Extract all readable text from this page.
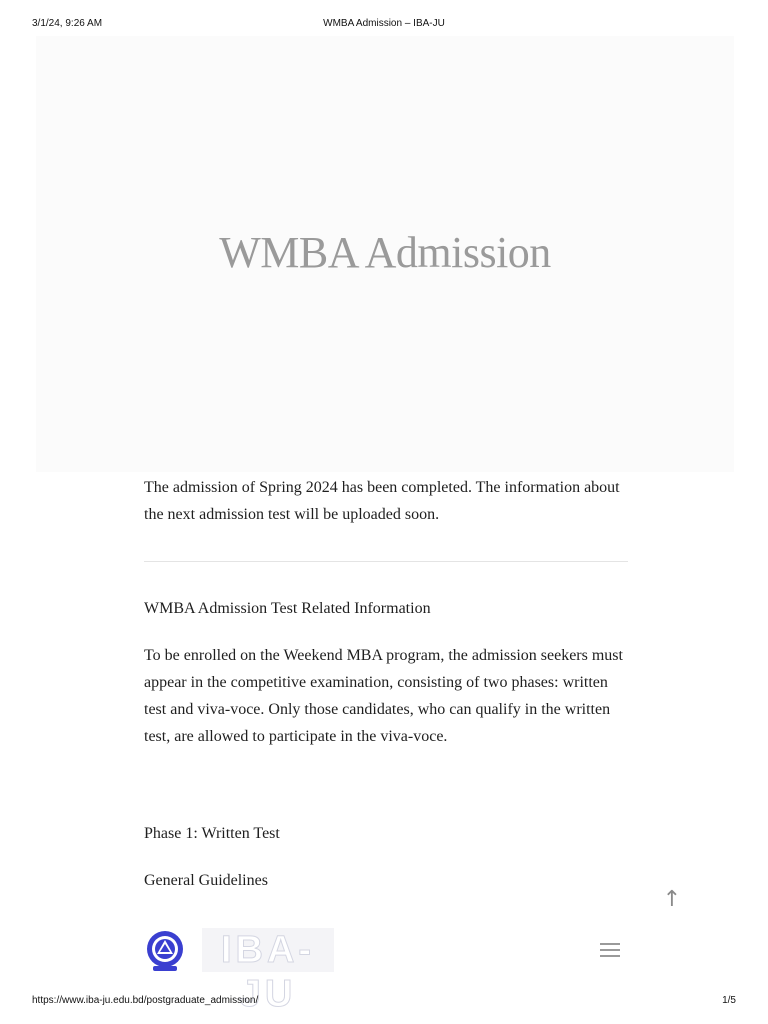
3/1/24, 9:26 AM	WMBA Admission – IBA-JU
WMBA Admission

The admission of Spring 2024 has been completed. The information about the next admission test will be uploaded soon.

WMBA Admission Test Related Information

To be enrolled on the Weekend MBA program, the admission seekers must appear in the competitive examination, consisting of two phases: written test and viva-voce. Only those candidates, who can qualify in the written test, are allowed to participate in the viva-voce.

Phase 1: Written Test

General Guidelines

↑
IBA-JU
https://www.iba-ju.edu.bd/postgraduate_admission/	1/5
